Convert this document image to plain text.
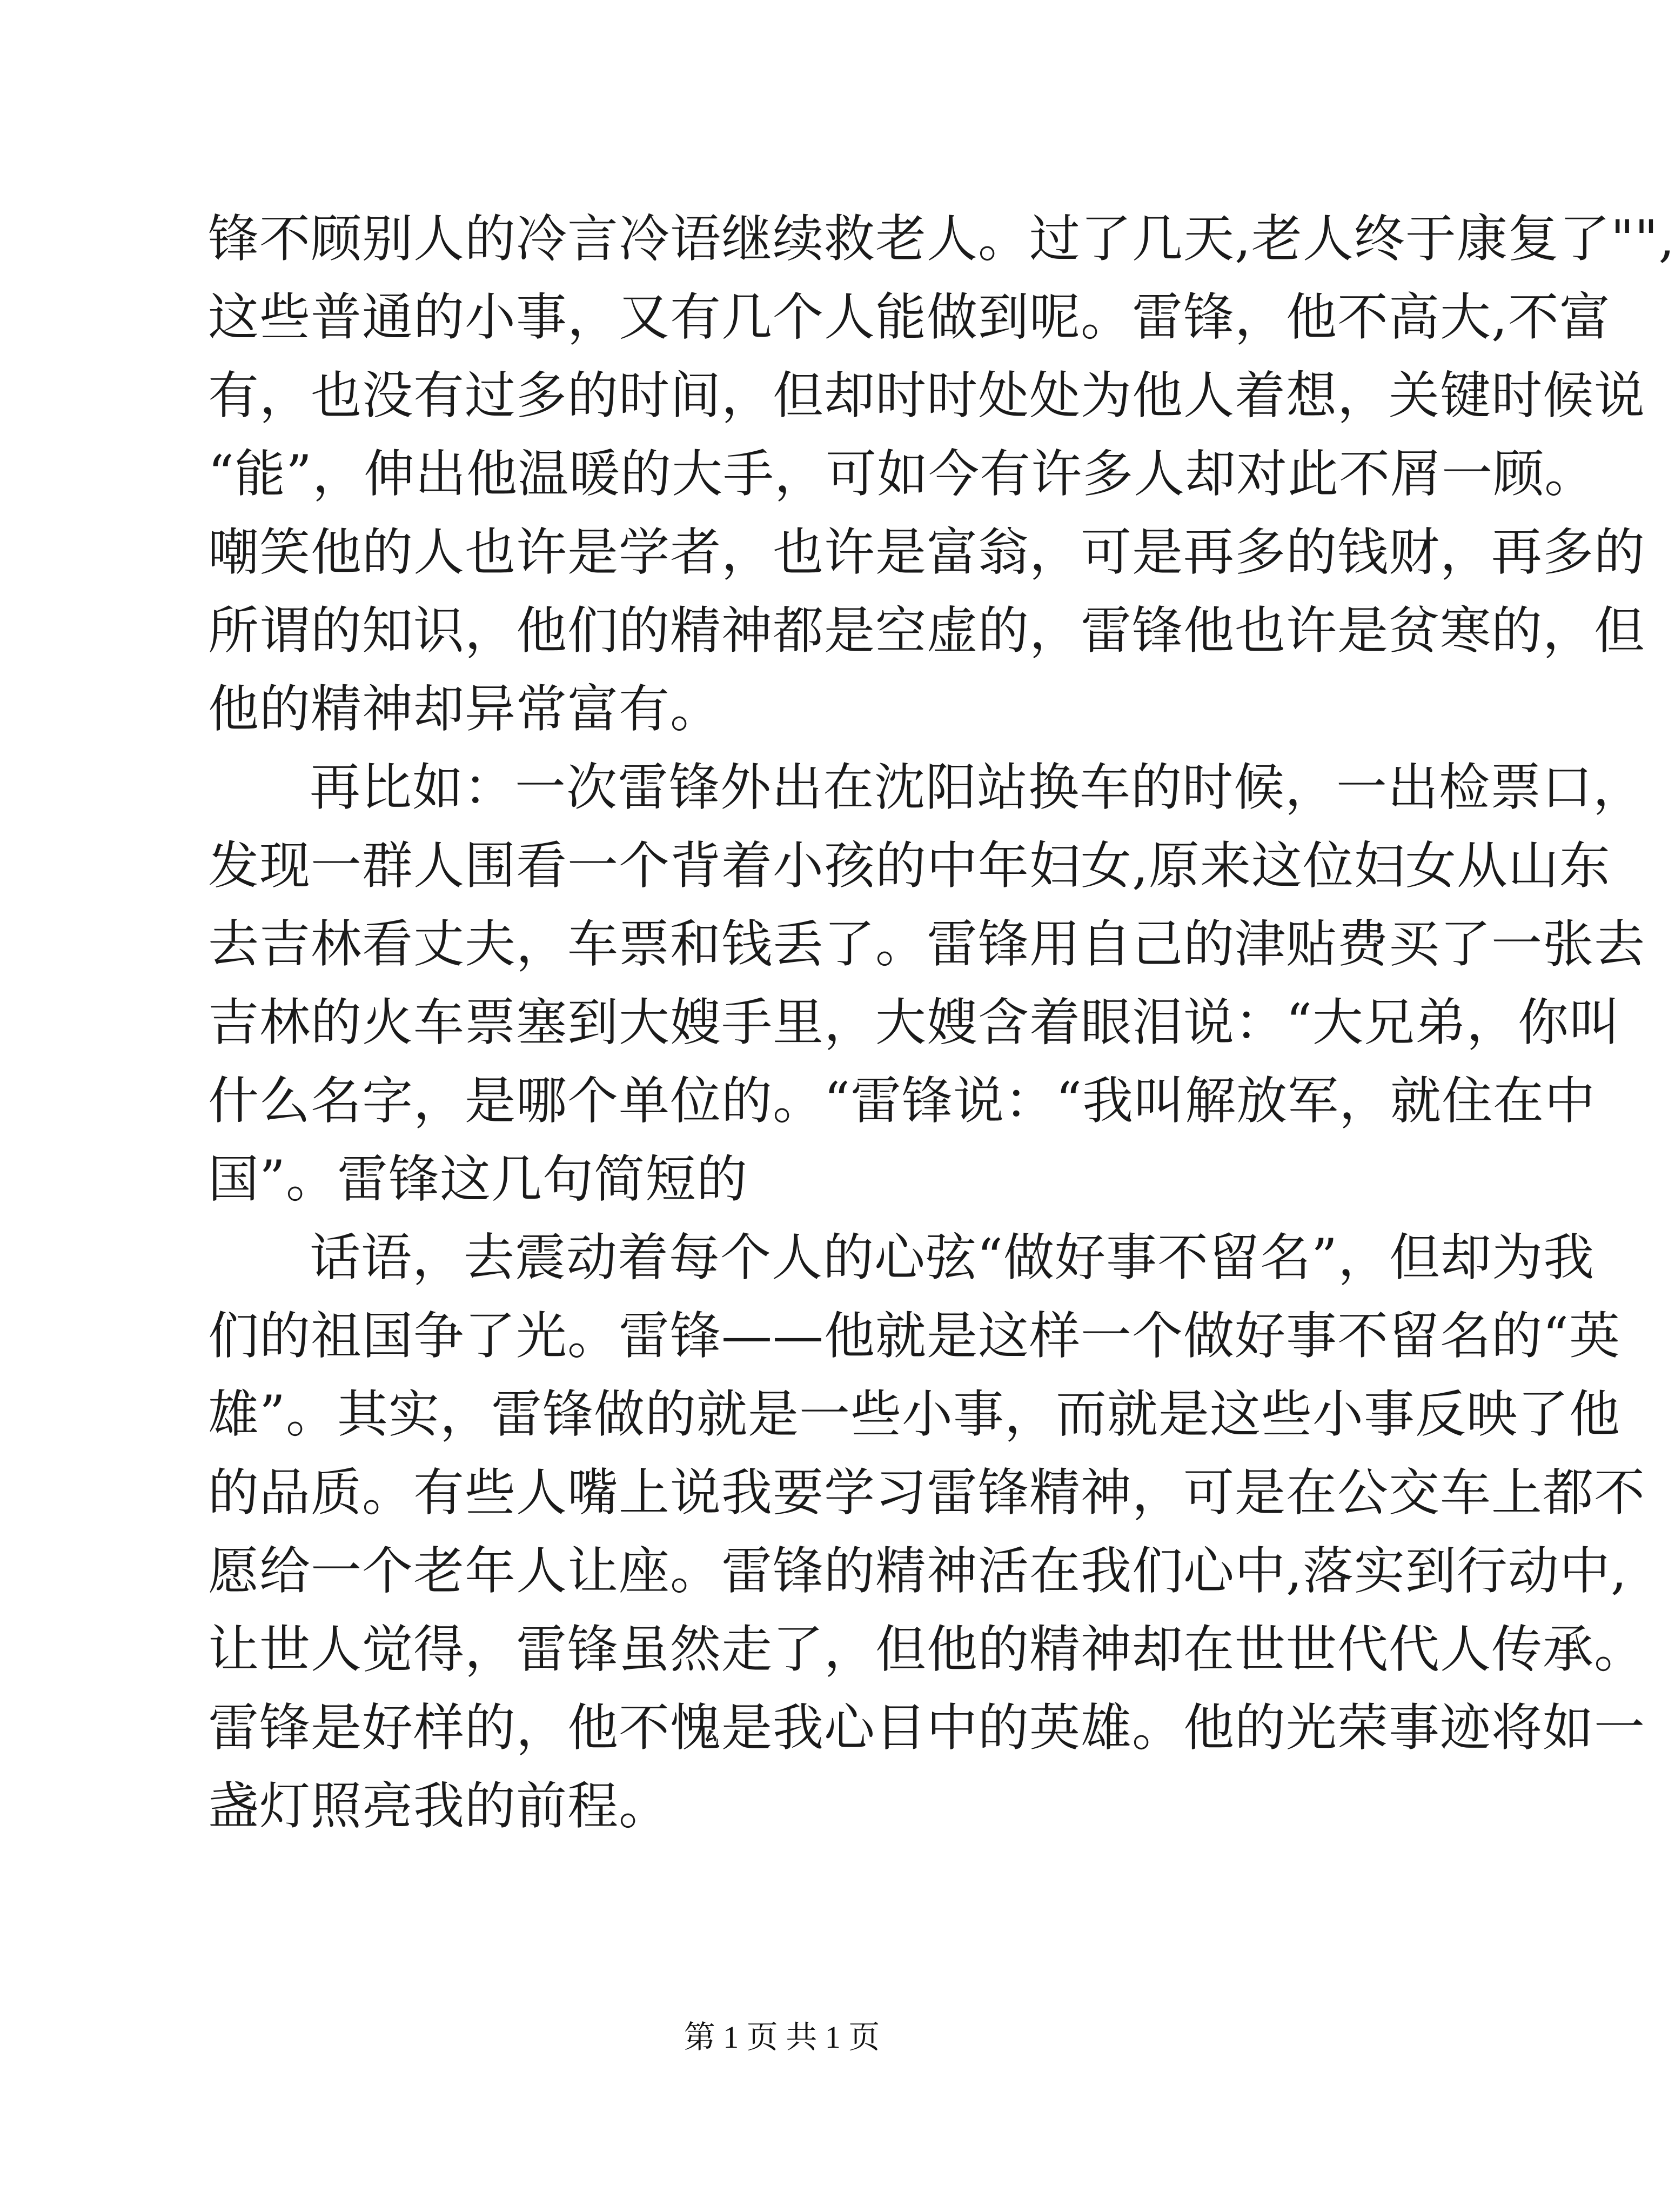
锋不顾别人的冷言冷语继续救老人。过了几天,老人终于康复了"",
这些普通的小事，又有几个人能做到呢。雷锋，他不高大,不富
有，也没有过多的时间，但却时时处处为他人着想，关键时候说
“能”，伸出他温暖的大手，可如今有许多人却对此不屑一顾。
嘲笑他的人也许是学者，也许是富翁，可是再多的钱财，再多的
所谓的知识，他们的精神都是空虚的，雷锋他也许是贫寒的，但
他的精神却异常富有。
再比如：一次雷锋外出在沈阳站换车的时候，一出检票口，
发现一群人围看一个背着小孩的中年妇女,原来这位妇女从山东
去吉林看丈夫，车票和钱丢了。雷锋用自己的津贴费买了一张去
吉林的火车票塞到大嫂手里，大嫂含着眼泪说：“大兄弟，你叫
什么名字，是哪个单位的。“雷锋说：“我叫解放军，就住在中
国”。雷锋这几句简短的
话语，去震动着每个人的心弦“做好事不留名”，但却为我
们的祖国争了光。雷锋——他就是这样一个做好事不留名的“英
雄”。其实，雷锋做的就是一些小事，而就是这些小事反映了他
的品质。有些人嘴上说我要学习雷锋精神，可是在公交车上都不
愿给一个老年人让座。雷锋的精神活在我们心中,落实到行动中,
让世人觉得，雷锋虽然走了，但他的精神却在世世代代人传承。
雷锋是好样的，他不愧是我心目中的英雄。他的光荣事迹将如一
盏灯照亮我的前程。
第 1 页 共 1 页
